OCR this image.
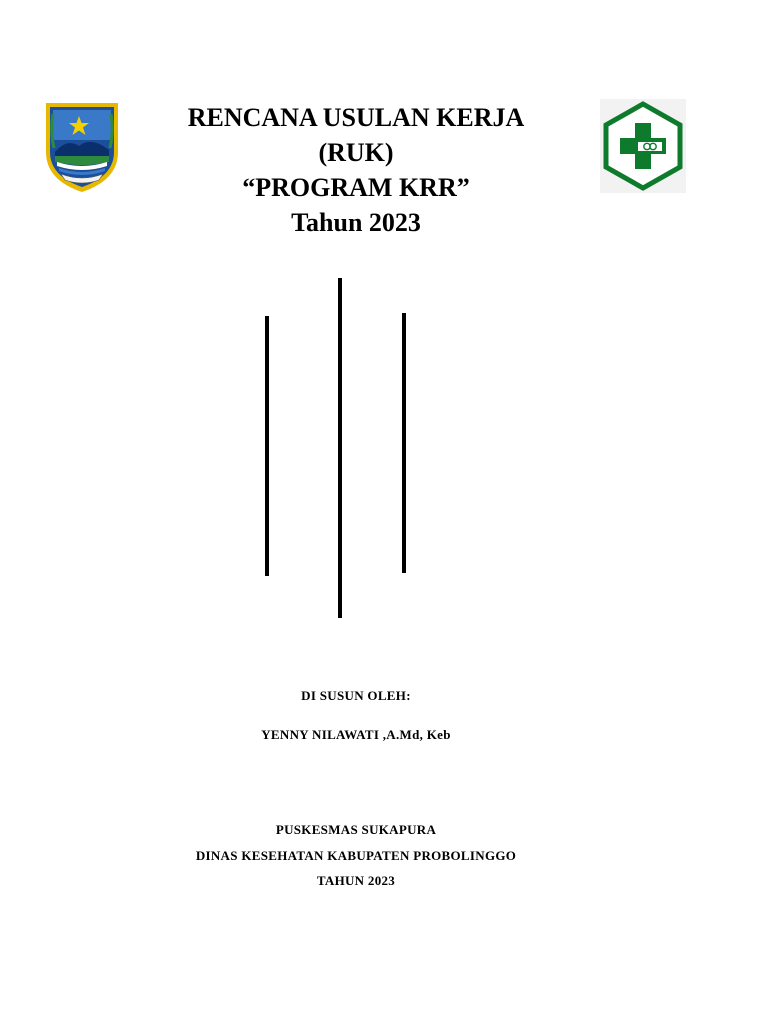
RENCANA USULAN KERJA
(RUK)
“PROGRAM KRR”
Tahun 2023
DI SUSUN OLEH:
YENNY NILAWATI ,A.Md, Keb
PUSKESMAS SUKAPURA
DINAS KESEHATAN KABUPATEN PROBOLINGGO
TAHUN 2023
